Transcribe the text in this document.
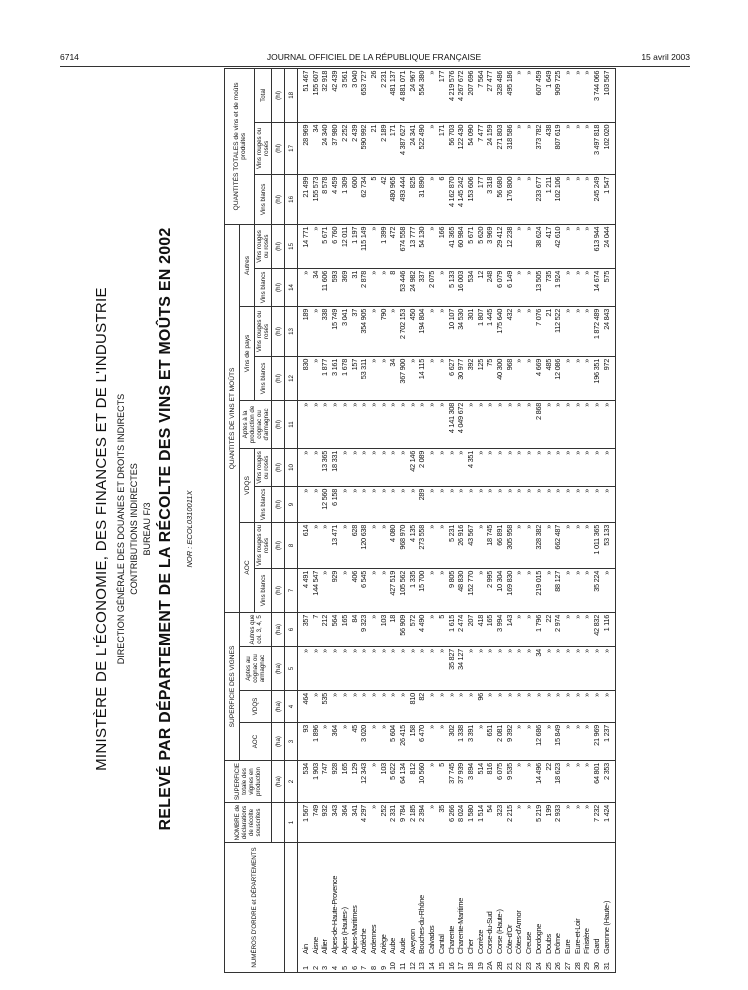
6714	JOURNAL OFFICIEL DE LA RÉPUBLIQUE FRANÇAISE	15 avril 2003
MINISTÈRE DE L'ÉCONOMIE, DES FINANCES ET DE L'INDUSTRIE DIRECTION GÉNÉRALE DES DOUANES ET DROITS INDIRECTS CONTRIBUTIONS INDIRECTES BUREAU F/3 RELEVÉ PAR DÉPARTEMENT DE LA RÉCOLTE DES VINS ET MOÛTS EN 2002 NOR : ECOL0310011X
NUMÉROS D'ORDRE et DÉPARTEMENTS	NOMBRE de déclarations de récolte souscrites	SUPERFICIE totale des vignes en production	SUPERFICIE DES VIGNES				QUANTITÉS DE VINS ET MOÛTS									QUANTITÉS TOTALES de vins et de moûts produites		
			AOC	VDQS	Aptes au cognac ou armagnac	Autres que col. 3, 4, 5	AOC		VDQS		Aptes à la production de cognac ou d'armagnac	Vins de pays		Autres				
							Vins blancs	Vins rouges ou rosés	Vins blancs	Vins rouges ou rosés		Vins blancs	Vins rouges ou rosés	Vins blancs	Vins rouges ou rosés	Vins blancs	Vins rouges ou rosés	Total
		(ha)	(ha)	(ha)	(ha)	(ha)	(hl)	(hl)	(hl)	(hl)	(hl)	(hl)	(hl)	(hl)	(hl)	(hl)	(hl)	(hl)
	1	2	3	4	5	6	7	8	9	10	11	12	13	14	15	16	17	18
1Ain	1 567	534	93	464	»	357	4 491	614	»	»	»	830	189	»	14 771	21 499	28 969	51 467
2Aisne	749	1 903	1 896	»	»	7	144 547	»	»	»	»	»	»	34	»	155 573	34	155 607
3Allier	932	747	»	535	»	212	»	»	12 560	13 365	»	1 877	338	11 606	5 671	8 578	24 340	32 918
4Alpes-de-Haute-Provence	343	928	364	»	»	564	929	13 471	6 158	18 331	»	3 161	15 749	593	6 760	4 459	37 980	42 439
5Alpes (Hautes-)	364	165	»	»	»	165	»	»	»	»	»	1 678	3 041	369	12 011	1 309	2 252	3 561
6Alpes-Maritimes	341	129	45	»	»	84	406	628	»	»	»	157	37	31	1 197	600	2 439	3 040
7Ardèche	4 297	12 343	3 020	»	»	9 323	6 545	120 638	»	»	»	53 311	354 905	2 878	115 149	62 734	590 992	653 727
8Ardennes	»	»	»	»	»	»	»	»	»	»	»	»	»	»	»	5	21	26
9Ariège	252	103	»	»	»	103	»	»	»	»	»	»	790	»	1 399	42	2 189	2 231
10Aube	2 331	5 622	5 604	»	»	18	427 519	4 080	»	»	»	34	»	8	472	480 965	171	481 137
11Aude	9 784	64 134	26 415	»	»	56 909	105 562	968 970	»	»	»	367 900	2 702 153	53 446	674 558	493 444	4 387 627	4 881 071
12Aveyron	2 185	812	158	810	»	572	1 335	4 135	»	42 146	»	»	450	24 982	13 777	825	24 341	24 967
13Bouches-du-Rhône	2 394	10 560	6 470	82	»	4 490	15 700	273 558	289	2 089	»	14 115	194 804	337	54 130	31 890	522 490	554 380
14Calvados	»	»	»	»	»	»	»	»	»	»	»	»	»	2 075	»	»	»	»
15Cantal	35	5	»	»	»	5	»	»	»	»	»	»	»	»	166	6	171	177
16Charente	6 266	37 745	302	»	35 827	1 615	9 805	5 231	»	»	4 141 308	6 627	10 107	5 133	41 365	4 162 870	56 703	4 219 576
17Charente-Maritime	8 024	37 939	1 338	»	34 127	2 474	48 830	26 916	»	»	4 049 672	30 977	34 530	16 003	60 984	4 145 242	122 430	4 267 672
18Cher	1 580	3 894	3 391	»	»	207	152 770	43 567	»	4 351	»	392	301	534	5 671	153 606	54 090	207 696
19Corrèze	1 514	514	»	96	»	418	»	»	»	»	»	125	1 807	12	5 620	177	7 477	7 564
2ACorse-du-Sud	54	816	651	»	»	165	2 995	18 745	»	»	»	75	1 445	248	3 969	3 318	24 159	27 477
2BCorse (Haute-)	323	6 075	2 081	»	»	3 994	10 304	66 891	»	»	»	40 300	175 640	6 079	29 412	56 680	271 803	328 486
21Côte-d'Or	2 215	9 535	9 392	»	»	143	169 830	305 958	»	»	»	968	432	6 149	12 238	176 800	318 586	495 186
22Côtes-d'Armor	»	»	»	»	»	»	»	»	»	»	»	»	»	»	»	»	»	»
23Creuse	»	»	»	»	»	»	»	»	»	»	»	»	»	»	»	»	»	»
24Dordogne	5 219	14 496	12 686	»	34	1 796	219 015	328 382	»	»	2 868	4 669	7 076	13 505	38 624	233 677	373 782	607 459
25Doubs	199	22	»	»	»	22	»	»	»	»	»	485	21	735	417	1 211	438	1 649
26Drôme	2 933	18 623	15 849	»	»	2 974	88 127	662 487	»	»	»	12 086	112 522	1 924	42 610	102 106	807 619	909 725
27Eure	»	»	»	»	»	»	»	»	»	»	»	»	»	»	»	»	»	»
28Eure-et-Loir	»	»	»	»	»	»	»	»	»	»	»	»	»	»	»	»	»	»
29Finistère	»	»	»	»	»	»	»	»	»	»	»	»	»	»	»	»	»	»
30Gard	7 232	64 801	21 969	»	»	42 832	35 224	1 011 365	»	»	»	196 351	1 872 489	14 674	613 944	245 249	3 497 818	3 744 066
31Garonne (Haute-)	1 424	2 353	1 237	»	»	1 116	»	53 133	»	»	»	972	24 843	575	24 044	1 547	102 020	103 567
